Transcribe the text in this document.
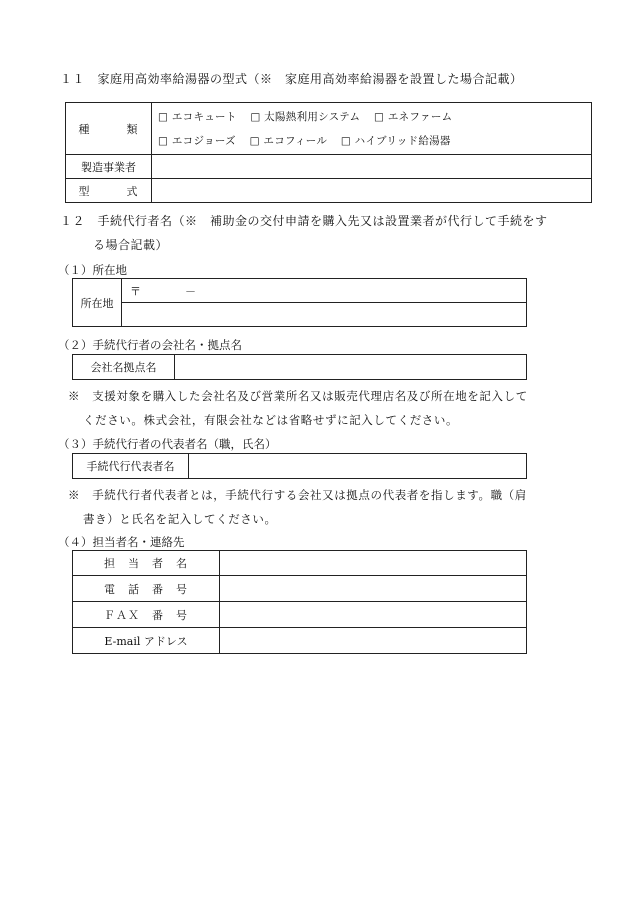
１１　家庭用高効率給湯器の型式（※　家庭用高効率給湯器を設置した場合記載）
種　　　類	□ エコキュート □ 太陽熱利用システム □ エネファーム
□ エコジョーズ □ エコフィール □ ハイブリッド給湯器

製造事業者	
型　　　式	
１２　手続代行者名（※　補助金の交付申請を購入先又は設置業者が代行して手続をす
る場合記載）
（１）所在地
所在地	〒　　　　－

（２）手続代行者の会社名・拠点名
会社名拠点名	
※　支援対象を購入した会社名及び営業所名又は販売代理店名及び所在地を記入して
ください。株式会社，有限会社などは省略せずに記入してください。
（３）手続代行者の代表者名（職，氏名）
手続代行代表者名	
※　手続代行者代表者とは，手続代行する会社又は拠点の代表者を指します。職（肩
書き）と氏名を記入してください。
（４）担当者名・連絡先
担　当　者　名	
電　話　番　号	
ＦＡＸ　番　号	
E-mail アドレス	
